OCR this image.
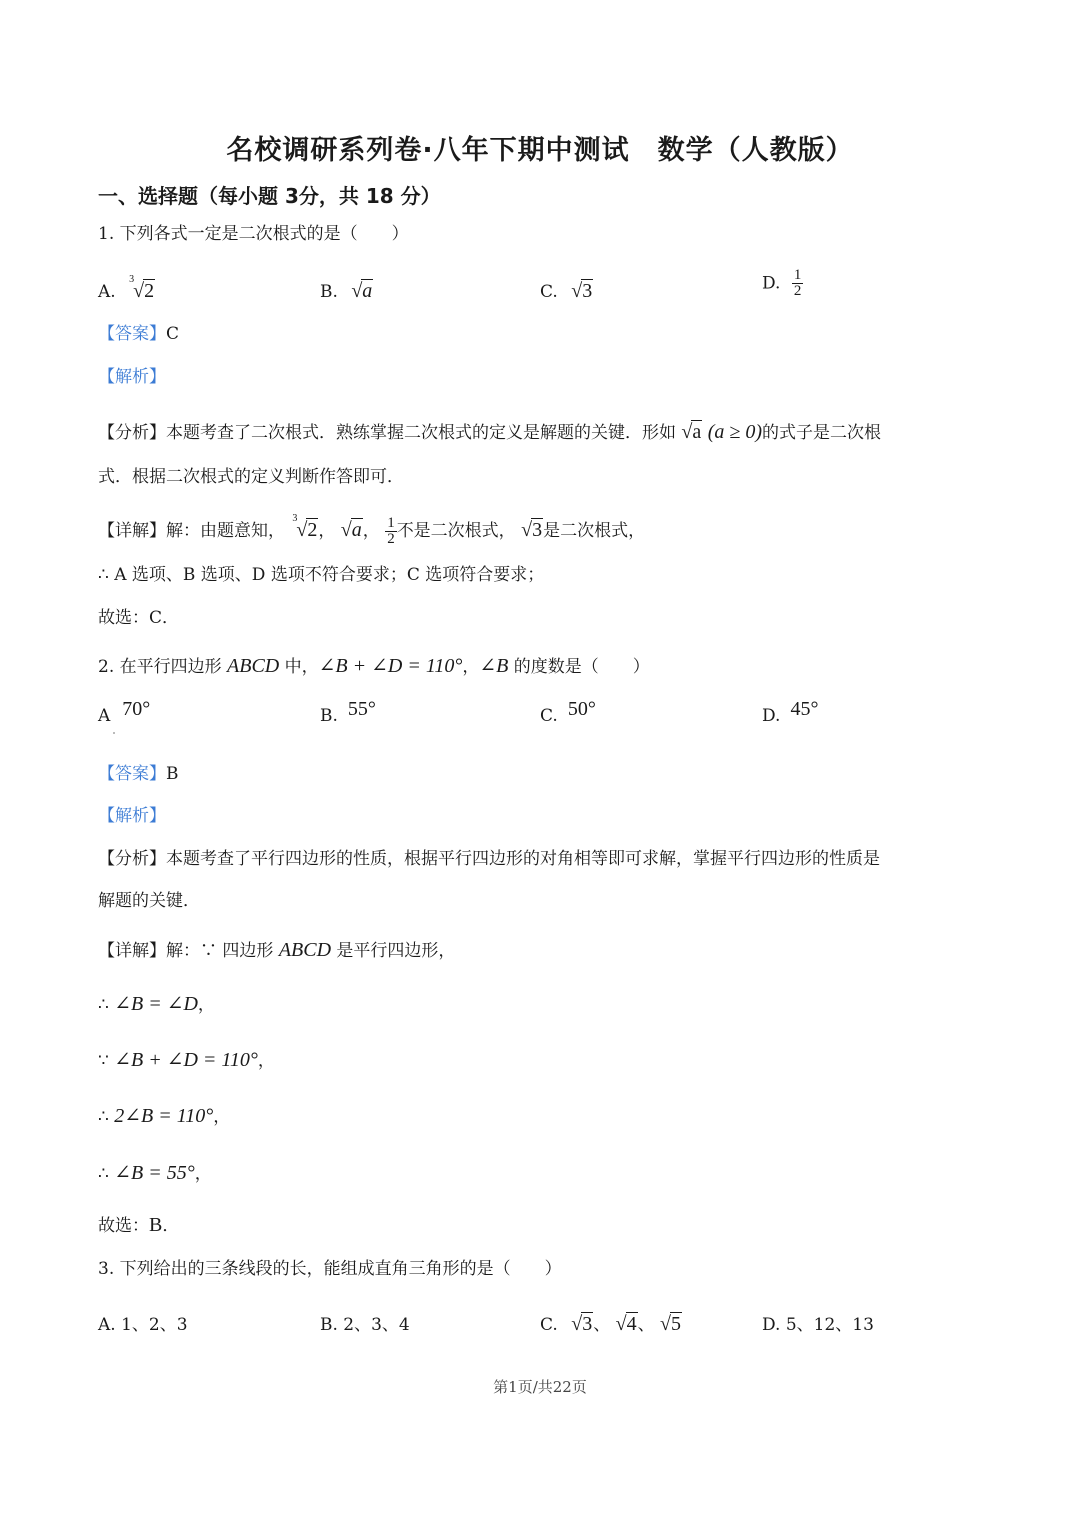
名校调研系列卷·八年下期中测试　数学（人教版）
一、选择题（每小题 3分，共 18 分）
1. 下列各式一定是二次根式的是（　　）
A.
3
√2	B. √a	C. √3	D. $\frac{1}{2}$
【答案】C
【解析】
【分析】本题考查了二次根式．熟练掌握二次根式的定义是解题的关键．形如 √a (a ≥ 0)的式子是二次根
式．根据二次根式的定义判断作答即可．
【详解】解：由题意知，
3
√2， √a， $\frac{1}{2}$ 不是二次根式， √3是二次根式，
∴ A 选项、B 选项、D 选项不符合要求；C 选项符合要求；
故选：C．
2. 在平行四边形 ABCD 中，∠B + ∠D = 110°，∠B 的度数是（　　）
A 70°	B. 55°	C. 50°	D. 45°
【答案】B
【解析】
【分析】本题考查了平行四边形的性质，根据平行四边形的对角相等即可求解，掌握平行四边形的性质是
解题的关键．
【详解】解：∵ 四边形 ABCD 是平行四边形，
∴ ∠B = ∠D，
∵ ∠B + ∠D = 110°，
∴ 2∠B = 110°，
∴ ∠B = 55°，
故选：B．
3. 下列给出的三条线段的长，能组成直角三角形的是（　　）
A. 1、2、3	B. 2、3、4	C. √3、 √4、 √5	D. 5、12、13
第1页/共22页
